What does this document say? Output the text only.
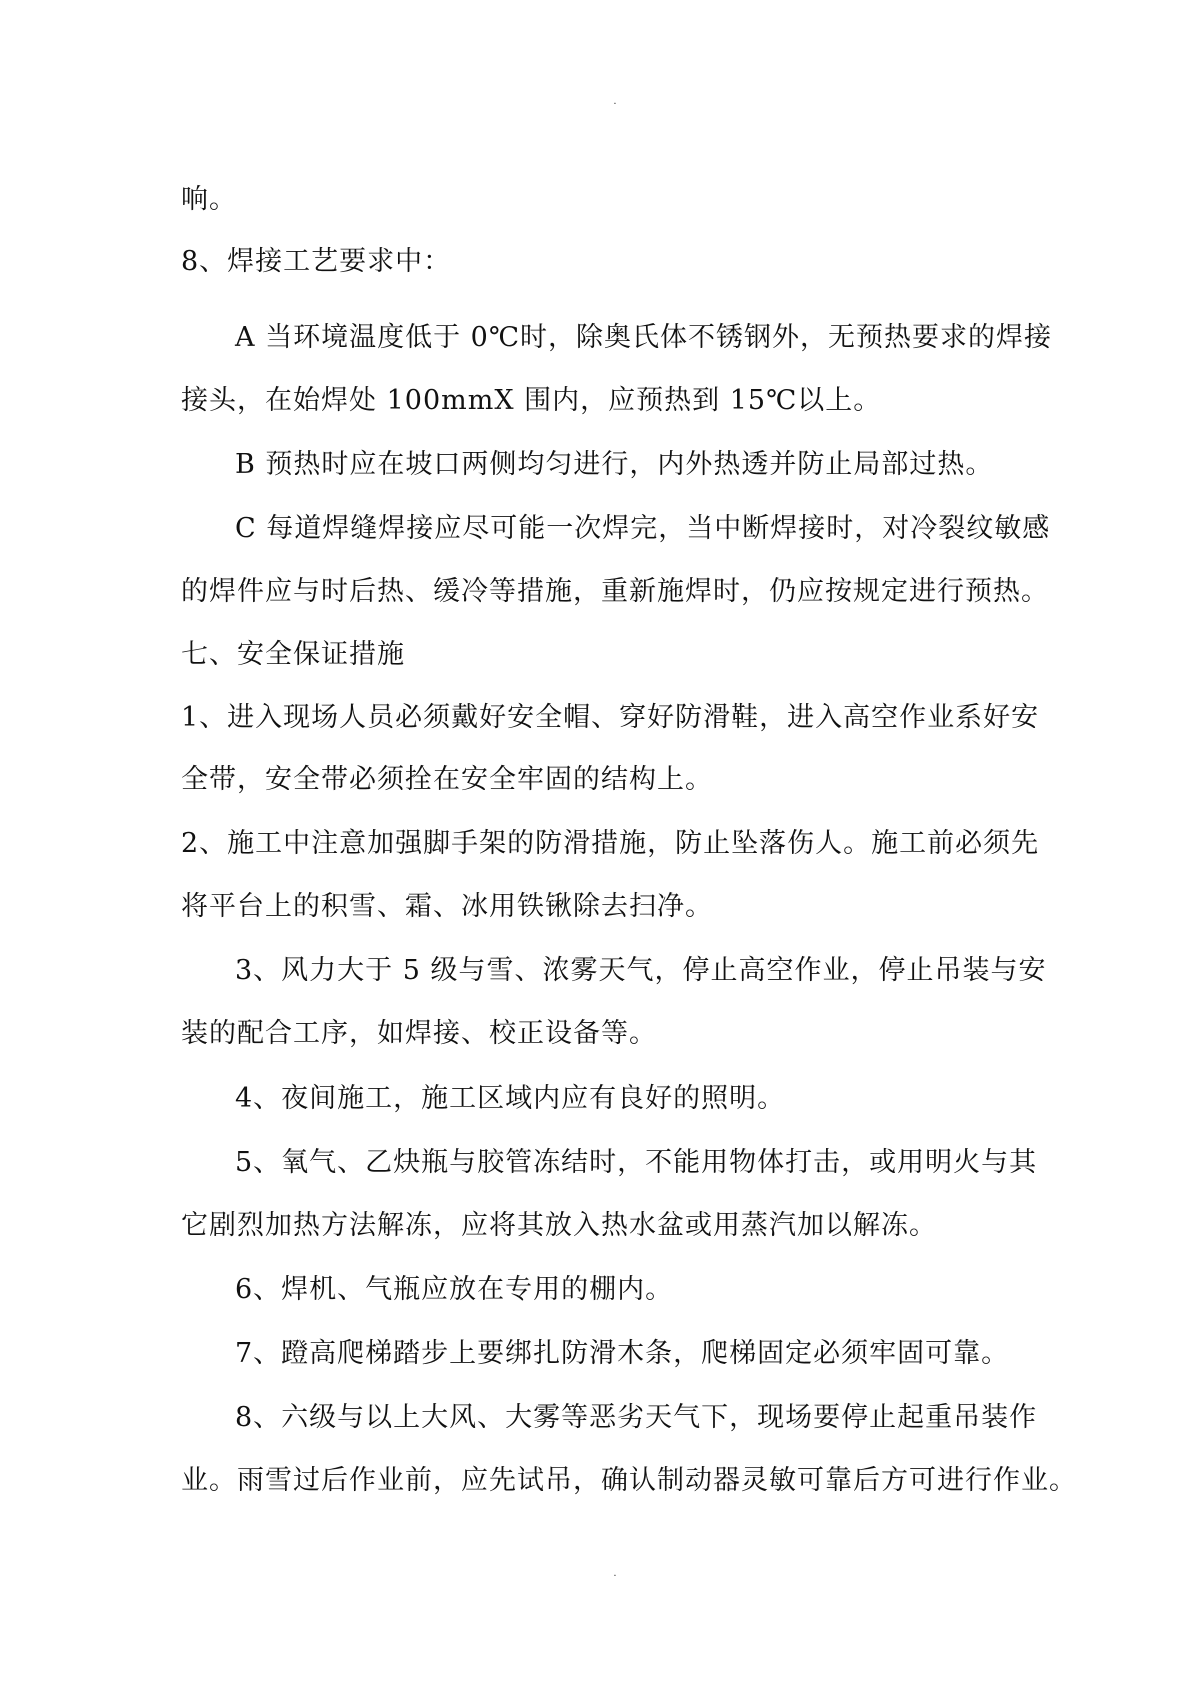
.
响。
8、焊接工艺要求中：
A 当环境温度低于 0℃时，除奥氏体不锈钢外，无预热要求的焊接
接头，在始焊处 100mmX 围内，应预热到 15℃以上。
B 预热时应在坡口两侧均匀进行，内外热透并防止局部过热。
C 每道焊缝焊接应尽可能一次焊完，当中断焊接时，对冷裂纹敏感
的焊件应与时后热、缓冷等措施，重新施焊时，仍应按规定进行预热。
七、安全保证措施
1、进入现场人员必须戴好安全帽、穿好防滑鞋，进入高空作业系好安
全带，安全带必须拴在安全牢固的结构上。
2、施工中注意加强脚手架的防滑措施，防止坠落伤人。施工前必须先
将平台上的积雪、霜、冰用铁锹除去扫净。
3、风力大于 5 级与雪、浓雾天气，停止高空作业，停止吊装与安
装的配合工序，如焊接、校正设备等。
4、夜间施工，施工区域内应有良好的照明。
5、氧气、乙炔瓶与胶管冻结时，不能用物体打击，或用明火与其
它剧烈加热方法解冻，应将其放入热水盆或用蒸汽加以解冻。
6、焊机、气瓶应放在专用的棚内。
7、蹬高爬梯踏步上要绑扎防滑木条，爬梯固定必须牢固可靠。
8、六级与以上大风、大雾等恶劣天气下，现场要停止起重吊装作
业。雨雪过后作业前，应先试吊，确认制动器灵敏可靠后方可进行作业。
.
